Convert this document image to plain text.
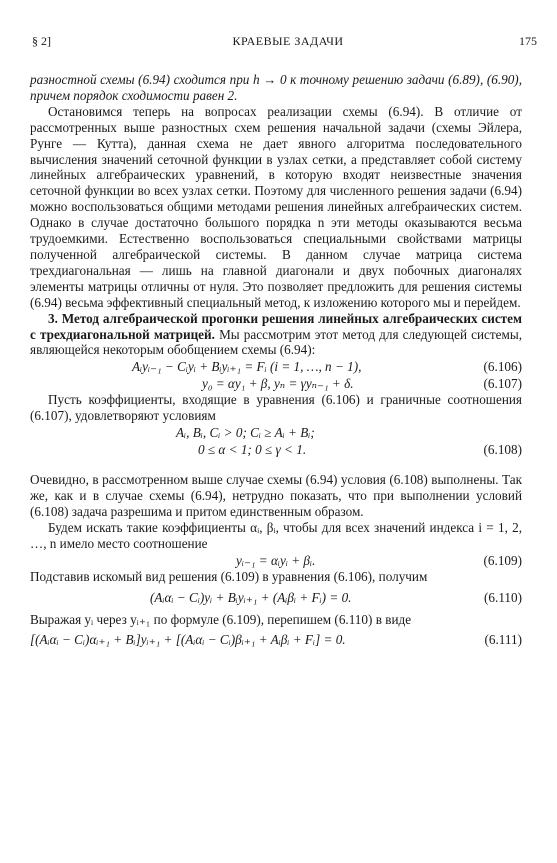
§ 2]	КРАЕВЫЕ ЗАДАЧИ	175

разностной схемы (6.94) сходится при h → 0 к точному решению задачи (6.89), (6.90), причем порядок сходимости равен 2.

Остановимся теперь на вопросах реализации схемы (6.94). В отличие от рассмотренных выше разностных схем решения начальной задачи (схемы Эйлера, Рунге — Кутта), данная схема не дает явного алгоритма последовательного вычисления значений сеточной функции в узлах сетки, а представляет собой систему линейных алгебраических уравнений, в которую входят неизвестные значения сеточной функции во всех узлах сетки. Поэтому для численного решения задачи (6.94) можно воспользоваться общими методами решения линейных алгебраических систем. Однако в случае достаточно большого порядка n эти методы оказываются весьма трудоемкими. Естественно воспользоваться специальными свойствами матрицы полученной алгебраической системы. В данном случае матрица система трехдиагональная — лишь на главной диагонали и двух побочных диагоналях элементы матрицы отличны от нуля. Это позволяет предложить для решения системы (6.94) весьма эффективный специальный метод, к изложению которого мы и перейдем.

3. Метод алгебраической прогонки решения линейных алгебраических систем с трехдиагональной матрицей. Мы рассмотрим этот метод для следующей системы, являющейся некоторым обобщением схемы (6.94):

Aᵢyᵢ₋₁ − Cᵢyᵢ + Bᵢyᵢ₊₁ = Fᵢ (i = 1, …, n − 1),	(6.106)
y₀ = αy₁ + β, yₙ = γyₙ₋₁ + δ.	(6.107)

Пусть коэффициенты, входящие в уравнения (6.106) и граничные соотношения (6.107), удовлетворяют условиям

Aᵢ, Bᵢ, Cᵢ > 0; Cᵢ ≥ Aᵢ + Bᵢ;
0 ≤ α < 1; 0 ≤ γ < 1.	(6.108)

Очевидно, в рассмотренном выше случае схемы (6.94) условия (6.108) выполнены. Так же, как и в случае схемы (6.94), нетрудно показать, что при выполнении условий (6.108) задача разрешима и притом единственным образом.

Будем искать такие коэффициенты αᵢ, βᵢ, чтобы для всех значений индекса i = 1, 2, …, n имело место соотношение

yᵢ₋₁ = αᵢyᵢ + βᵢ.	(6.109)

Подставив искомый вид решения (6.109) в уравнения (6.106), получим

(Aᵢαᵢ − Cᵢ)yᵢ + Bᵢyᵢ₊₁ + (Aᵢβᵢ + Fᵢ) = 0.	(6.110)

Выражая yᵢ через yᵢ₊₁ по формуле (6.109), перепишем (6.110) в виде

[(Aᵢαᵢ − Cᵢ)αᵢ₊₁ + Bᵢ]yᵢ₊₁ + [(Aᵢαᵢ − Cᵢ)βᵢ₊₁ + Aᵢβᵢ + Fᵢ] = 0.	(6.111)
